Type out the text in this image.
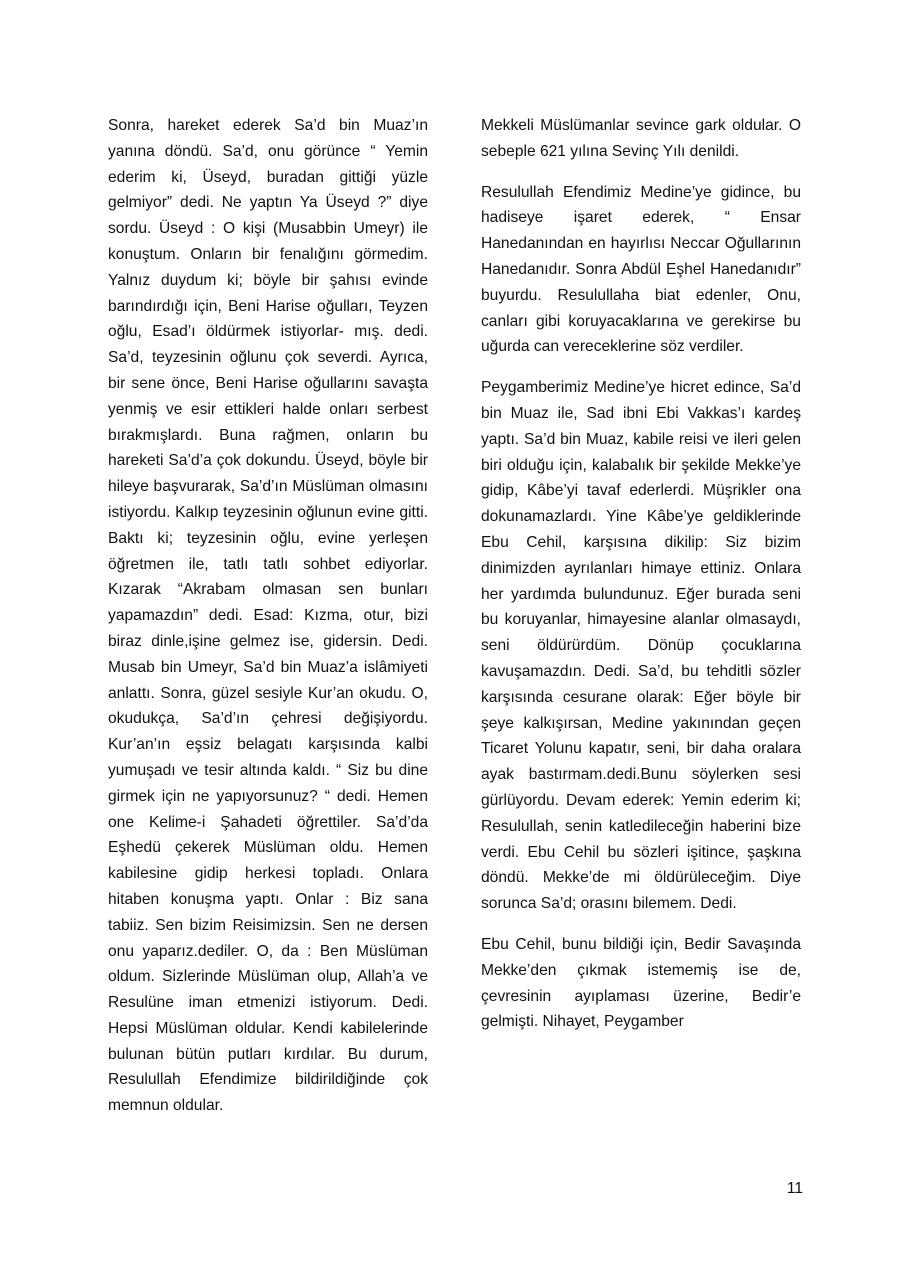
Sonra, hareket ederek Sa’d bin Muaz’ın yanına döndü. Sa’d, onu görünce “ Yemin ederim ki, Üseyd, buradan gittiği yüzle gelmiyor” dedi. Ne yaptın Ya Üseyd ?” diye sordu. Üseyd : O kişi (Musabbin Umeyr) ile konuştum. Onların bir fenalığını görmedim. Yalnız duydum ki; böyle bir şahısı evinde barındırdığı için, Beni Harise oğulları, Teyzen oğlu, Esad’ı öldürmek istiyorlar- mış. dedi. Sa’d, teyzesinin oğlunu çok severdi. Ayrıca, bir sene önce, Beni Harise oğullarını savaşta yenmiş ve esir ettikleri halde onları serbest bırakmışlardı. Buna rağmen, onların bu hareketi Sa’d’a çok dokundu. Üseyd, böyle bir hileye başvurarak, Sa’d’ın Müslüman olmasını istiyordu. Kalkıp teyzesinin oğlunun evine gitti. Baktı ki; teyzesinin oğlu, evine yerleşen öğretmen ile, tatlı tatlı sohbet ediyorlar. Kızarak “Akrabam olmasan sen bunları yapamazdın” dedi. Esad: Kızma, otur, bizi biraz dinle,işine gelmez ise, gidersin. Dedi. Musab bin Umeyr, Sa’d bin Muaz’a islâmiyeti anlattı. Sonra, güzel sesiyle Kur’an okudu. O, okudukça, Sa’d’ın çehresi değişiyordu. Kur’an’ın eşsiz belagatı karşısında kalbi yumuşadı ve tesir altında kaldı. “ Siz bu dine girmek için ne yapıyorsunuz? “ dedi. Hemen one Kelime-i Şahadeti öğrettiler. Sa’d’da Eşhedü çekerek Müslüman oldu. Hemen kabilesine gidip herkesi topladı. Onlara hitaben konuşma yaptı. Onlar : Biz sana tabiiz. Sen bizim Reisimizsin. Sen ne dersen onu yaparız.dediler. O, da : Ben Müslüman oldum. Sizlerinde Müslüman olup, Allah’a ve Resulüne iman etmenizi istiyorum. Dedi. Hepsi Müslüman oldular. Kendi kabilelerinde bulunan bütün putları kırdılar. Bu durum, Resulullah Efendimize bildirildiğinde çok memnun oldular.

Mekkeli Müslümanlar sevince gark oldular. O sebeple 621 yılına Sevinç Yılı denildi.

Resulullah Efendimiz Medine’ye gidince, bu hadiseye işaret ederek, “ Ensar Hanedanından en hayırlısı Neccar Oğullarının Hanedanıdır. Sonra Abdül Eşhel Hanedanıdır” buyurdu. Resulullaha biat edenler, Onu, canları gibi koruyacaklarına ve gerekirse bu uğurda can vereceklerine söz verdiler.

Peygamberimiz Medine’ye hicret edince, Sa’d bin Muaz ile, Sad ibni Ebi Vakkas’ı kardeş yaptı. Sa’d bin Muaz, kabile reisi ve ileri gelen biri olduğu için, kalabalık bir şekilde Mekke’ye gidip, Kâbe’yi tavaf ederlerdi. Müşrikler ona dokunamazlardı. Yine Kâbe’ye geldiklerinde Ebu Cehil, karşısına dikilip: Siz bizim dinimizden ayrılanları himaye ettiniz. Onlara her yardımda bulundunuz. Eğer burada seni bu koruyanlar, himayesine alanlar olmasaydı, seni öldürürdüm. Dönüp çocuklarına kavuşamazdın. Dedi. Sa’d, bu tehditli sözler karşısında cesurane olarak: Eğer böyle bir şeye kalkışırsan, Medine yakınından geçen Ticaret Yolunu kapatır, seni, bir daha oralara ayak bastırmam.dedi.Bunu söylerken sesi gürlüyordu. Devam ederek: Yemin ederim ki; Resulullah, senin katledileceğin haberini bize verdi. Ebu Cehil bu sözleri işitince, şaşkına döndü. Mekke’de mi öldürüleceğim. Diye sorunca Sa’d; orasını bilemem. Dedi.

Ebu Cehil, bunu bildiği için, Bedir Savaşında Mekke’den çıkmak istememiş ise de, çevresinin ayıplaması üzerine, Bedir’e gelmişti. Nihayet, Peygamber

11
